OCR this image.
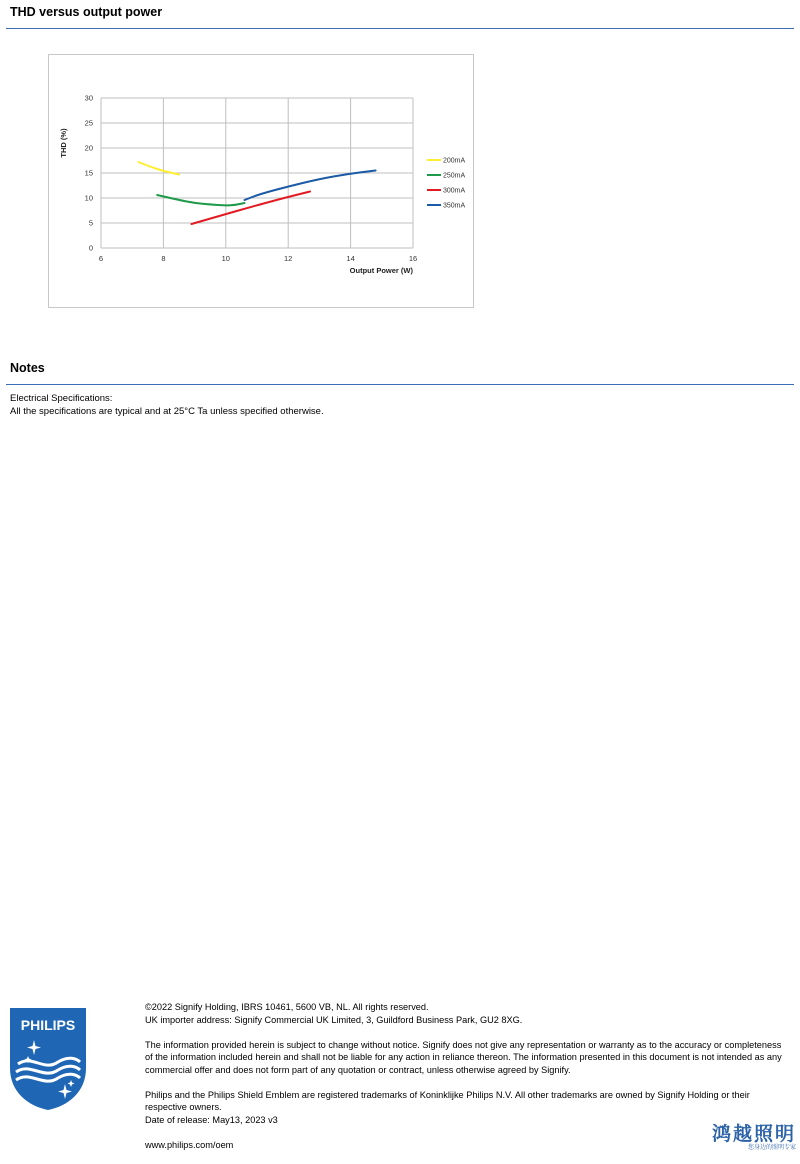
THD versus output power
6	8	10	12	14	16
0
5
10
15
20
25
30
Output Power (W)
THD (%)
200mA
250mA
300mA
350mA
Notes
Electrical Specifications:
All the specifications are typical and at 25°C Ta unless specified otherwise.
PHILIPS

©2022 Signify Holding, IBRS 10461, 5600 VB, NL. All rights reserved.
UK importer address: Signify Commercial UK Limited, 3, Guildford Business Park, GU2 8XG.

The information provided herein is subject to change without notice. Signify does not give any representation or warranty as to the accuracy or completeness of the information included herein and shall not be liable for any action in reliance thereon. The information presented in this document is not intended as any commercial offer and does not form part of any quotation or contract, unless otherwise agreed by Signify.

Philips and the Philips Shield Emblem are registered trademarks of Koninklijke Philips N.V. All other trademarks are owned by Signify Holding or their respective owners.
Date of release: May13, 2023 v3

www.philips.com/oem	鸿越照明
您身边的照明专家
